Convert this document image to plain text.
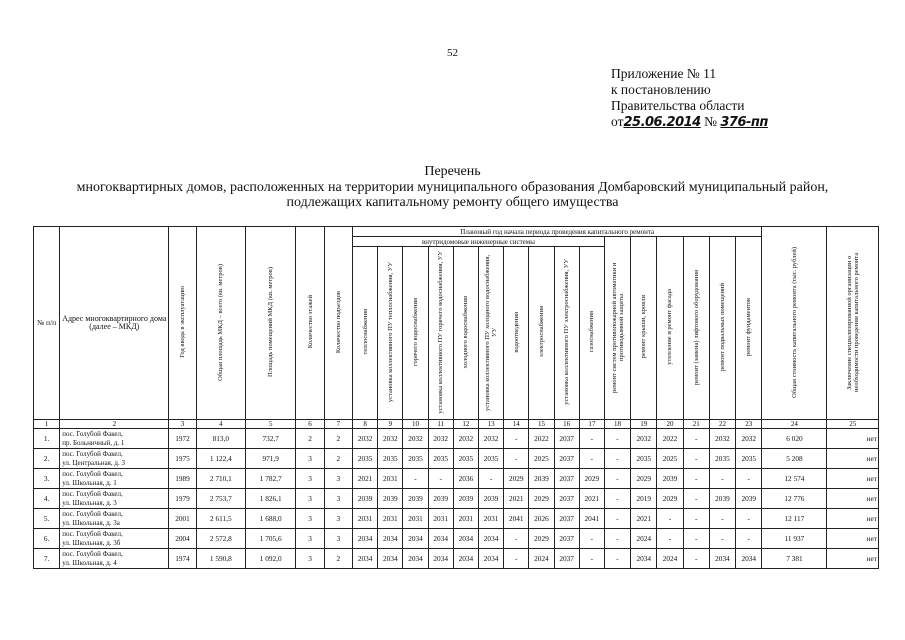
52
Приложение № 11
к постановлению
Правительства области
от25.06.2014 № 376-пп
Перечень
многоквартирных домов, расположенных на территории муниципального образования Домбаровский муниципальный район,
подлежащих капитальному ремонту общего имущества
№ п/п	Адрес многоквартирного дома (далее – МКД)	Год ввода в эксплуатацию	Общая площадь МКД – всего (кв. метров)	Площадь помещений МКД (кв. метров)	Количество этажей	Количество подъездов	Плановый год начала периода проведения капитального ремонта																Общая стоимость капитального ремонта (тыс. рублей)	Заключение специализированной организации о необходимости проведения капитального ремонта
							внутридомовые инженерные системы										ремонт систем противопожарной автоматики и противодымной защиты	ремонт крыши, кровли	утепление и ремонт фасада	ремонт (замена) лифтового оборудования	ремонт подвальных помещений	ремонт фундаментов		
							теплоснабжения	установка коллективного ПУ теплоснабжения, УУ	горячего водоснабжения	установка коллективного ПУ горячего водоснабжения, УУ	холодного водоснабжения	установка коллективного ПУ холодного водоснабжения, УУ	водоотведения	электроснабжения	установка коллективного ПУ электроснабжения, УУ	газоснабжения								
1	2	3	4	5	6	7	8	9	10	11	12	13	14	15	16	17	18	19	20	21	22	23	24	25
1.	пос. Голубой Факел,
пр. Больничный, д. 1	1972	813,0	732,7	2	2	2032	2032	2032	2032	2032	2032	-	2022	2037	-	-	2032	2022	-	2032	2032	6 020	нет
2.	пос. Голубой Факел,
ул. Центральная, д. 3	1975	1 122,4	971,9	3	2	2035	2035	2035	2035	2035	2035	-	2025	2037	-	-	2035	2025	-	2035	2035	5 208	нет
3.	пос. Голубой Факел,
ул. Школьная, д. 1	1989	2 710,1	1 782,7	3	3	2021	2031	-	-	2036	-	2029	2039	2037	2029	-	2029	2039	-	-	-	12 574	нет
4.	пос. Голубой Факел,
ул. Школьная, д. 3	1979	2 753,7	1 826,1	3	3	2039	2039	2039	2039	2039	2039	2021	2029	2037	2021	-	2019	2029	-	2039	2039	12 776	нет
5.	пос. Голубой Факел,
ул. Школьная, д. 3а	2001	2 611,5	1 688,0	3	3	2031	2031	2031	2031	2031	2031	2041	2026	2037	2041	-	2021	-	-	-	-	12 117	нет
6.	пос. Голубой Факел,
ул. Школьная, д. 3б	2004	2 572,8	1 705,6	3	3	2034	2034	2034	2034	2034	2034	-	2029	2037	-	-	2024	-	-	-	-	11 937	нет
7.	пос. Голубой Факел,
ул. Школьная, д. 4	1974	1 590,8	1 092,0	3	2	2034	2034	2034	2034	2034	2034	-	2024	2037	-	-	2034	2024	-	2034	2034	7 381	нет
